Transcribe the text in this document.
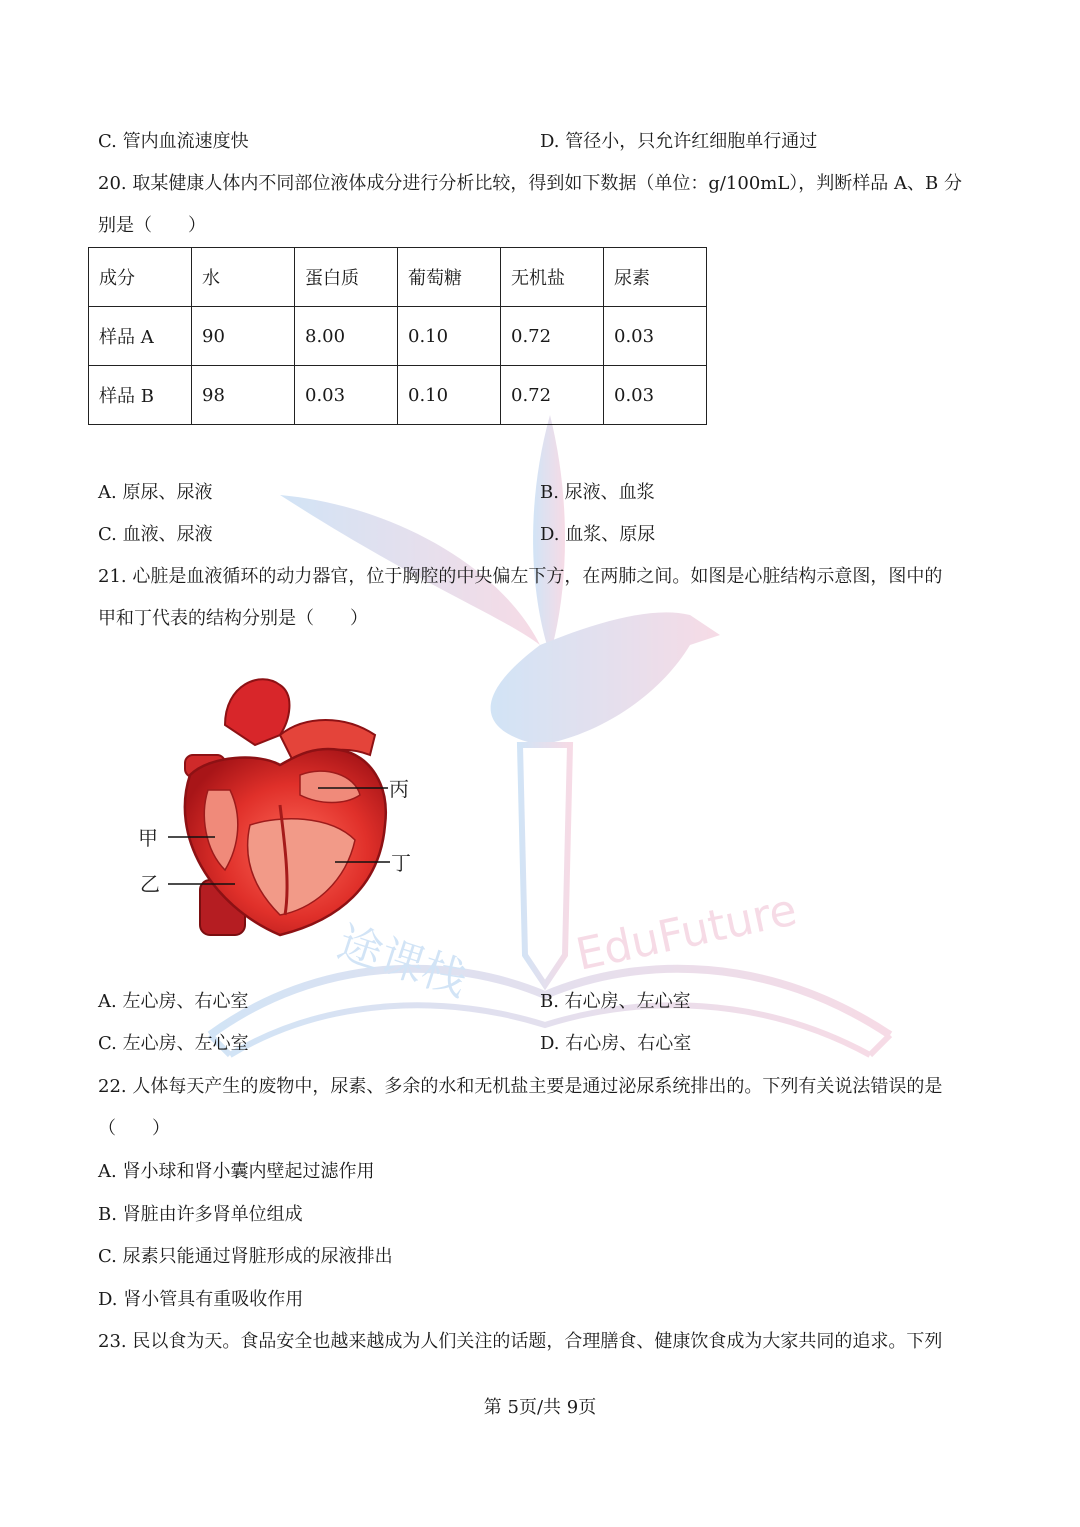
途课栈 EduFuture
C. 管内血流速度快	D. 管径小，只允许红细胞单行通过
20. 取某健康人体内不同部位液体成分进行分析比较，得到如下数据（单位：g/100mL），判断样品 A、B 分
别是（　　）
成分	水	蛋白质	葡萄糖	无机盐	尿素
样品 A	90	8.00	0.10	0.72	0.03
样品 B	98	0.03	0.10	0.72	0.03
A. 原尿、尿液	B. 尿液、血浆
C. 血液、尿液	D. 血浆、原尿
21. 心脏是血液循环的动力器官，位于胸腔的中央偏左下方，在两肺之间。如图是心脏结构示意图，图中的
甲和丁代表的结构分别是（　　）
甲
乙
丙
丁
A. 左心房、右心室	B. 右心房、左心室
C. 左心房、左心室	D. 右心房、右心室
22. 人体每天产生的废物中，尿素、多余的水和无机盐主要是通过泌尿系统排出的。下列有关说法错误的是
（　　）
A. 肾小球和肾小囊内壁起过滤作用
B. 肾脏由许多肾单位组成
C. 尿素只能通过肾脏形成的尿液排出
D. 肾小管具有重吸收作用
23. 民以食为天。食品安全也越来越成为人们关注的话题，合理膳食、健康饮食成为大家共同的追求。下列
第 5页/共 9页
